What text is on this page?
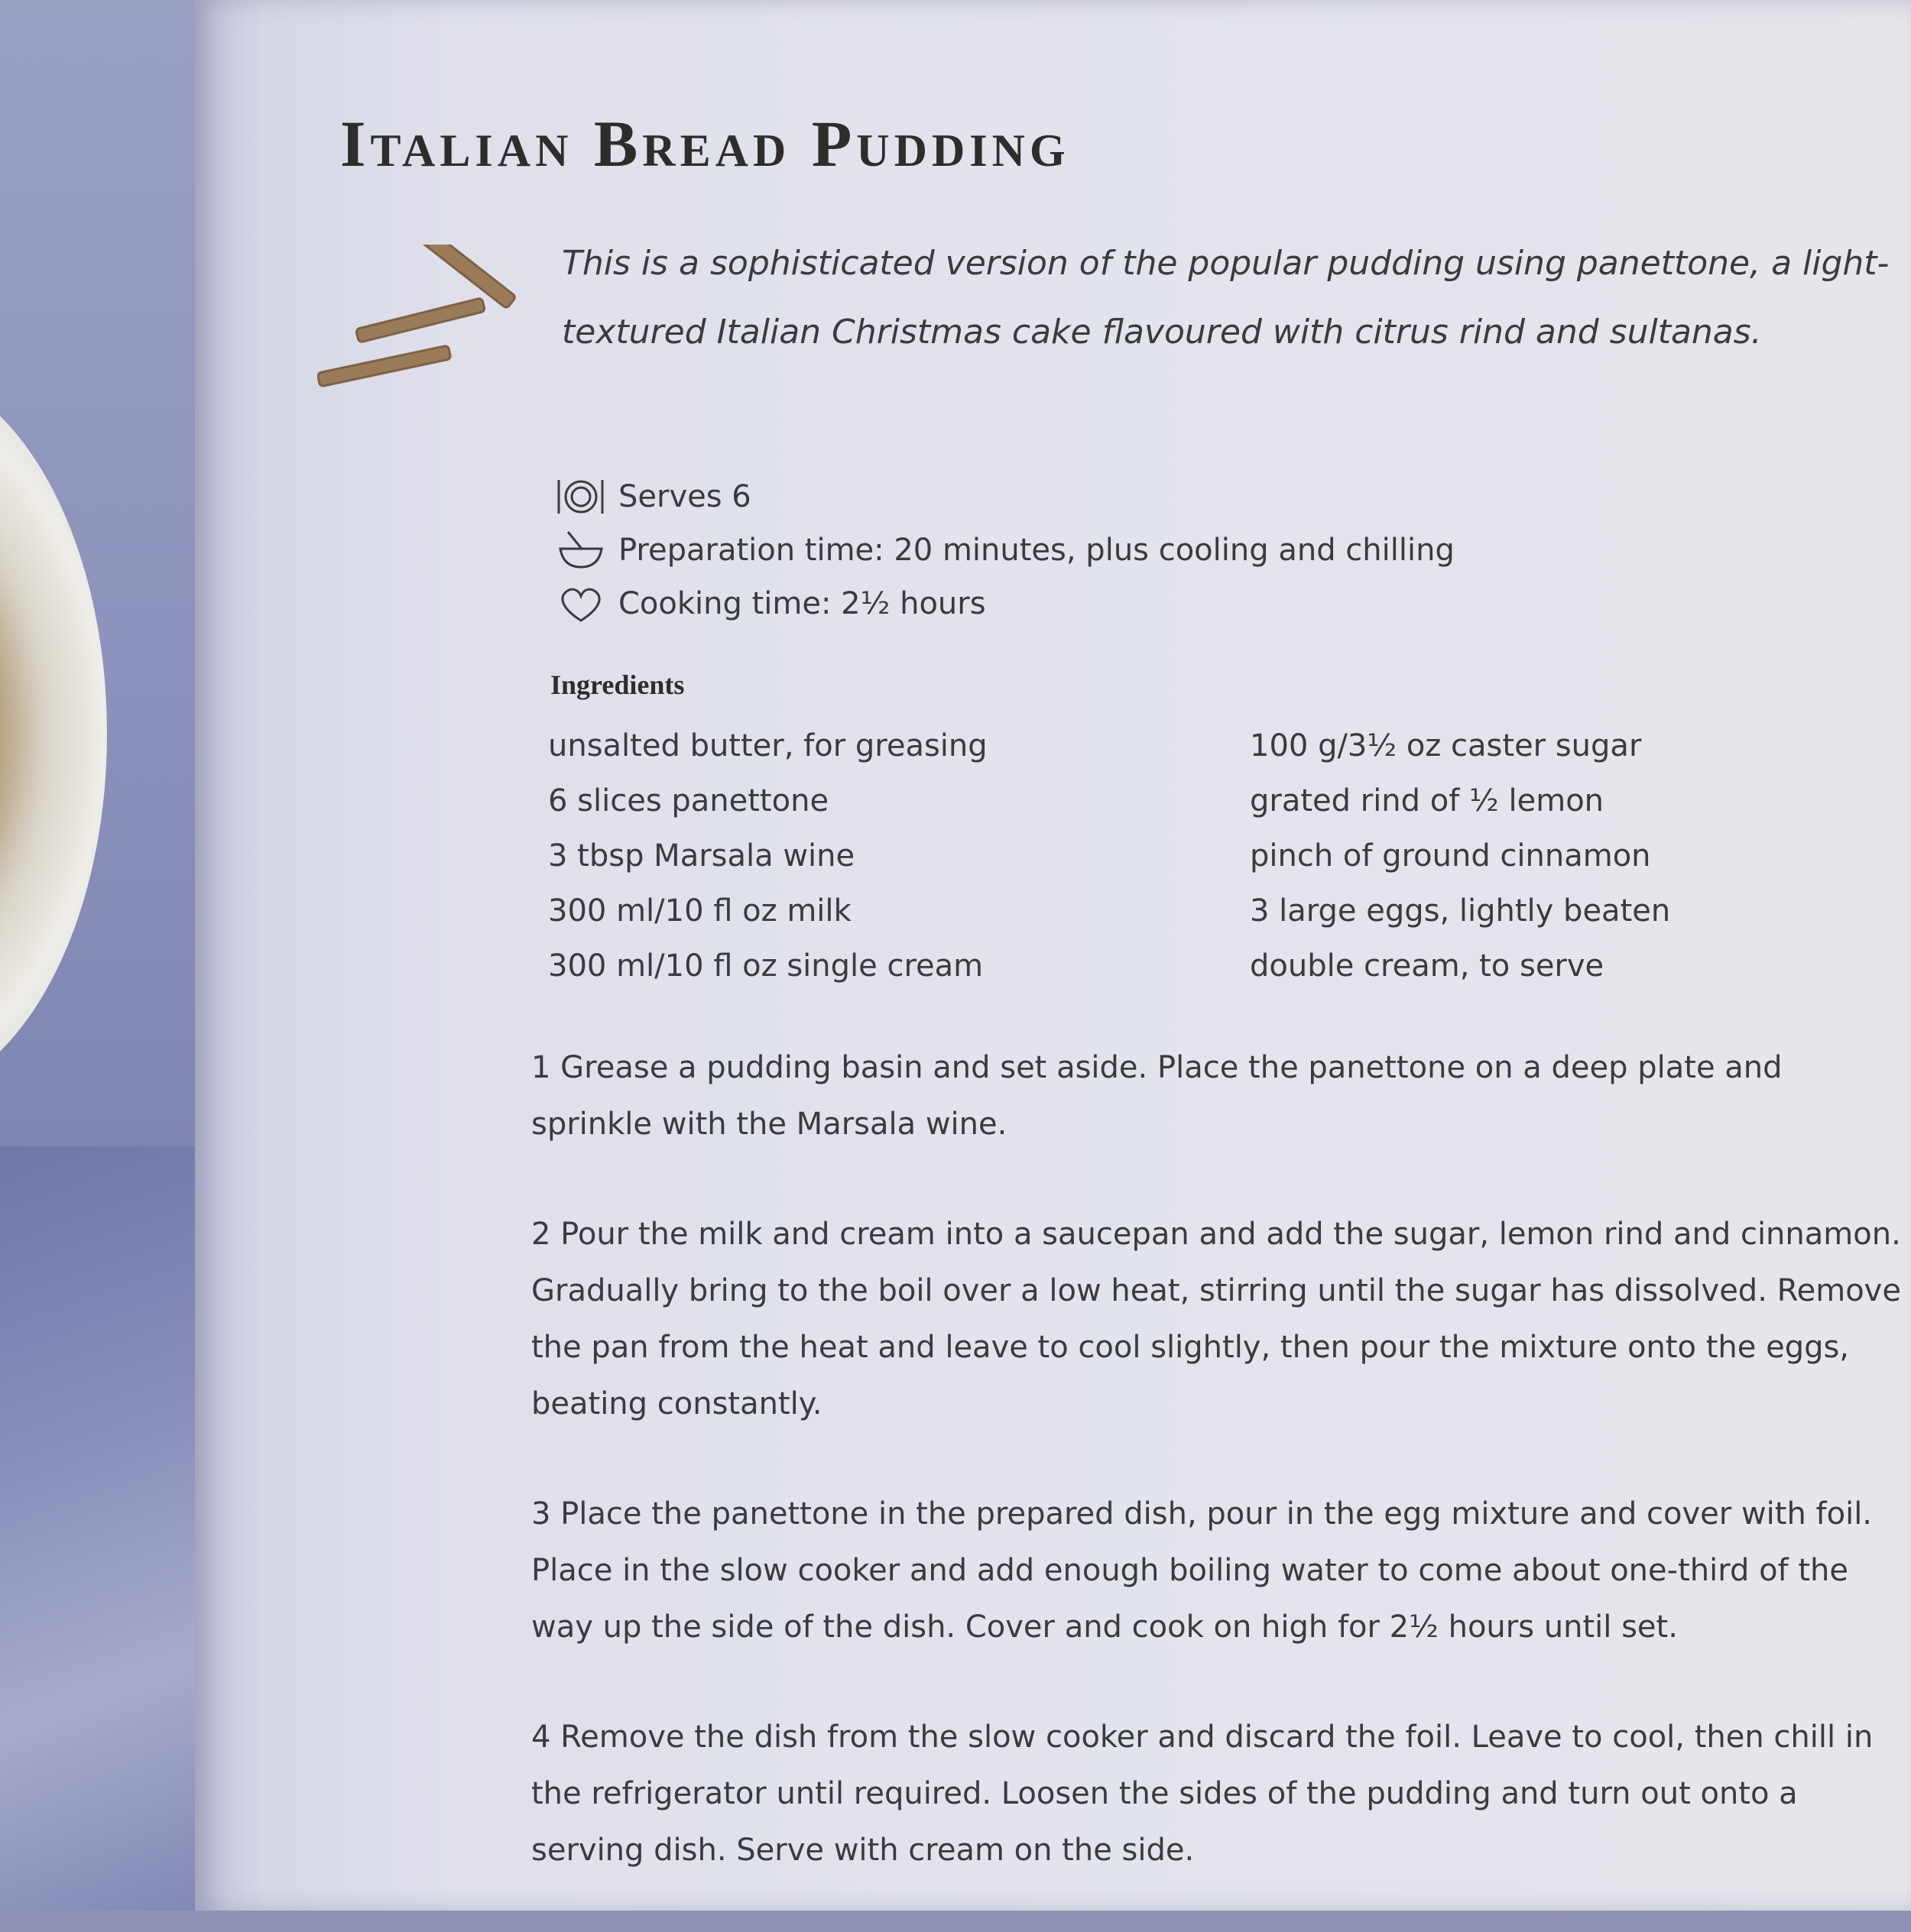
Italian Bread Pudding
This is a sophisticated version of the popular pudding using panettone, a light-textured Italian Christmas cake flavoured with citrus rind and sultanas.
Serves 6
Preparation time: 20 minutes, plus cooling and chilling
Cooking time: 2½ hours
Ingredients
unsalted butter, for greasing
6 slices panettone
3 tbsp Marsala wine
300 ml/10 fl oz milk
300 ml/10 fl oz single cream
100 g/3½ oz caster sugar
grated rind of ½ lemon
pinch of ground cinnamon
3 large eggs, lightly beaten
double cream, to serve

1 Grease a pudding basin and set aside. Place the panettone on a deep plate and sprinkle with the Marsala wine.

2 Pour the milk and cream into a saucepan and add the sugar, lemon rind and cinnamon. Gradually bring to the boil over a low heat, stirring until the sugar has dissolved. Remove the pan from the heat and leave to cool slightly, then pour the mixture onto the eggs, beating constantly.

3 Place the panettone in the prepared dish, pour in the egg mixture and cover with foil. Place in the slow cooker and add enough boiling water to come about one-third of the way up the side of the dish. Cover and cook on high for 2½ hours until set.

4 Remove the dish from the slow cooker and discard the foil. Leave to cool, then chill in the refrigerator until required. Loosen the sides of the pudding and turn out onto a serving dish. Serve with cream on the side.
